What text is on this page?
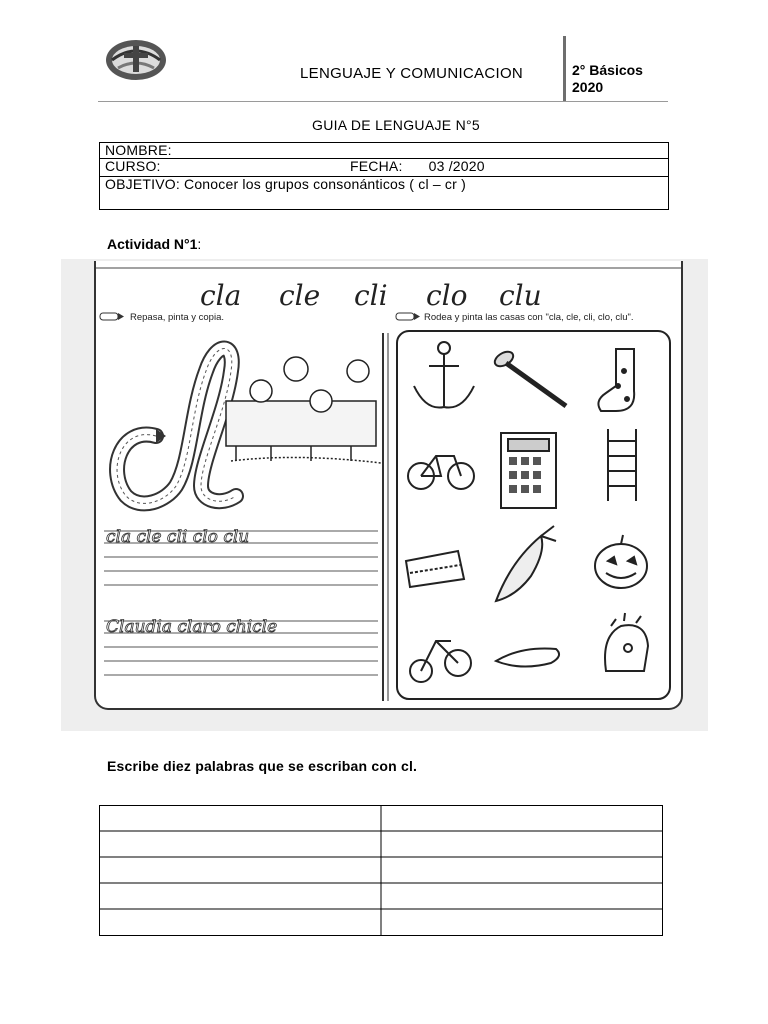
LENGUAJE Y COMUNICACION	2° Básicos
2020
GUIA DE LENGUAJE N°5
NOMBRE:
CURSO:	FECHA: 03 /2020
OBJETIVO: Conocer los grupos consonánticos ( cl – cr )
Actividad N°1:
cla cle cli clo clu
Repasa, pinta y copia.	Rodea y pinta las casas con "cla, cle, cli, clo, clu".
cla cle cli clo clu
Claudia claro chicle
Escribe diez palabras que se escriban con cl.
